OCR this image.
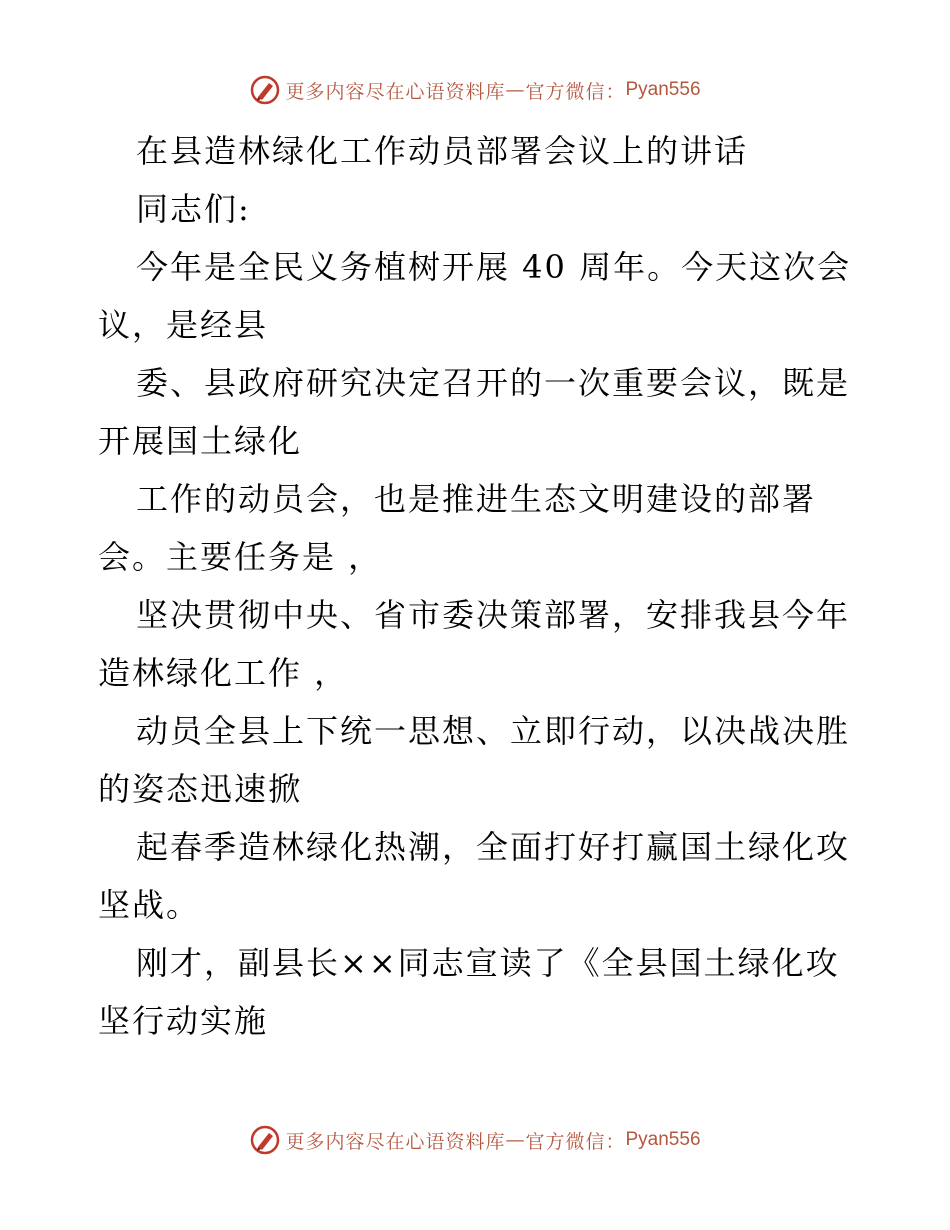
更多内容尽在心语资料库 — 官方微信： Pyan556
在县造林绿化工作动员部署会议上的讲话
同志们:
今年是全民义务植树开展 40 周年。今天这次会
议，是经县
委、县政府研究决定召开的一次重要会议，既是
开展国土绿化
工作的动员会，也是推进生态文明建设的部署
会。主要任务是 ，
坚决贯彻中央、省市委决策部署，安排我县今年
造林绿化工作 ，
动员全县上下统一思想、立即行动，以决战决胜
的姿态迅速掀
起春季造林绿化热潮，全面打好打赢国土绿化攻
坚战。
刚才，副县长××同志宣读了《全县国土绿化攻
坚行动实施
更多内容尽在心语资料库 — 官方微信： Pyan556
